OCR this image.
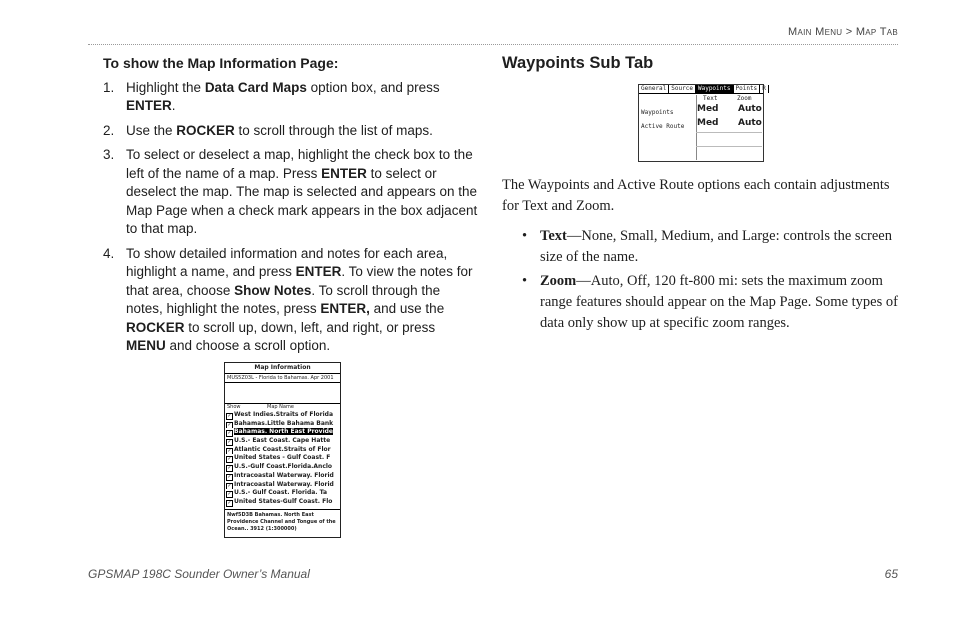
Main Menu > Map Tab
To show the Map Information Page:
1. Highlight the Data Card Maps option box, and press ENTER.
2. Use the ROCKER to scroll through the list of maps.
3. To select or deselect a map, highlight the check box to the left of the name of a map. Press ENTER to select or deselect the map. The map is selected and appears on the Map Page when a check mark appears in the box adjacent to that map.
4. To show detailed information and notes for each area, highlight a name, and press ENTER. To view the notes for that area, choose Show Notes. To scroll through the notes, highlight the notes, press ENTER, and use the ROCKER to scroll up, down, left, and right, or press MENU and choose a scroll option.
Map Information
MUS5Z03L - Florida to Bahamas. Apr 2001
Show	Map Name
✓ West Indies.Straits of Florida
✓ Bahamas.Little Bahama Bank
✓ Bahamas. North East Provide
✓ U.S.- East Coast. Cape Hatte
✓ Atlantic Coast.Straits of Flor
✓ United States - Gulf Coast. F
✓ U.S.-Gulf Coast.Florida.Anclo
✓ Intracoastal Waterway. Florid
✓ Intracoastal Waterway. Florid
✓ U.S.- Gulf Coast. Florida. Ta
✓ United States-Gulf Coast. Flo
Nwf5D3B Bahamas. North East Providence Channel and Tongue of the Ocean.. 3912 (1:300000)
Waypoints Sub Tab
The Waypoints and Active Route options each contain adjustments for Text and Zoom.
• Text—None, Small, Medium, and Large: controls the screen size of the name.
• Zoom—Auto, Off, 120 ft-800 mi: sets the maximum zoom range features should appear on the Map Page. Some types of data only show up at specific zoom ranges.
General Source Waypoints Points R
Text	Zoom
Waypoints	Med Auto
Active Route Med Auto
GPSMAP 198C Sounder Owner’s Manual	65
